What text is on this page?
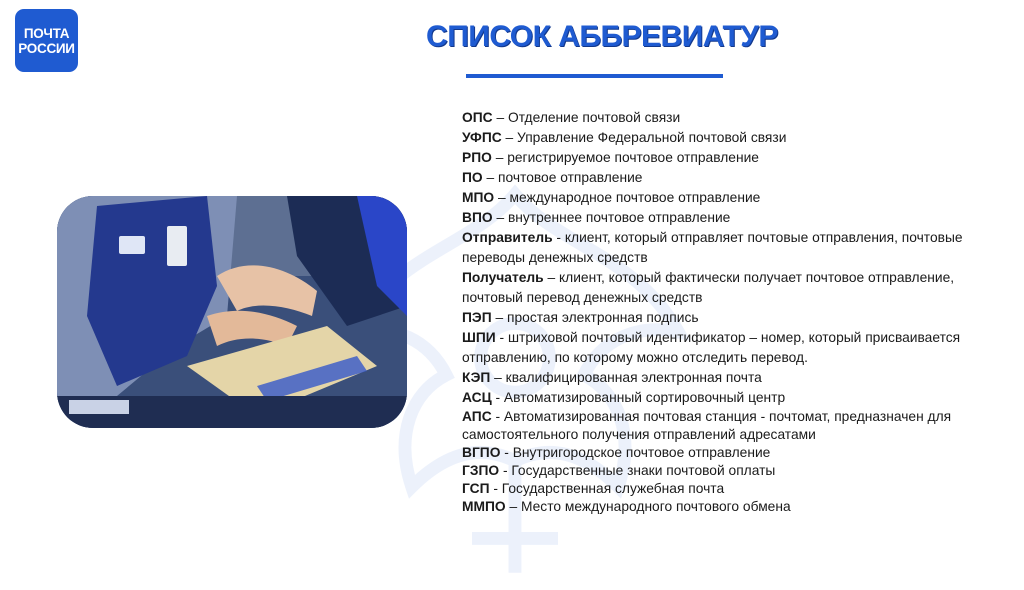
ПОЧТА
РОССИИ	СПИСОК АББРЕВИАТУР
ОПС – Отделение почтовой связи
УФПС – Управление Федеральной почтовой связи
РПО – регистрируемое почтовое отправление
ПО – почтовое отправление
МПО – международное почтовое отправление
ВПО – внутреннее почтовое отправление
Отправитель - клиент, который отправляет почтовые отправления, почтовые переводы денежных средств
Получатель – клиент, который фактически получает почтовое отправление, почтовый перевод денежных средств
ПЭП – простая электронная подпись
ШПИ - штриховой почтовый идентификатор – номер, который присваивается отправлению, по которому можно отследить перевод.
КЭП – квалифицированная электронная почта
АСЦ - Автоматизированный сортировочный центр
АПС - Автоматизированная почтовая станция - почтомат, предназначен для самостоятельного получения отправлений адресатами
ВГПО - Внутригородское почтовое отправление
ГЗПО - Государственные знаки почтовой оплаты
ГСП - Государственная служебная почта
ММПО – Место международного почтового обмена
